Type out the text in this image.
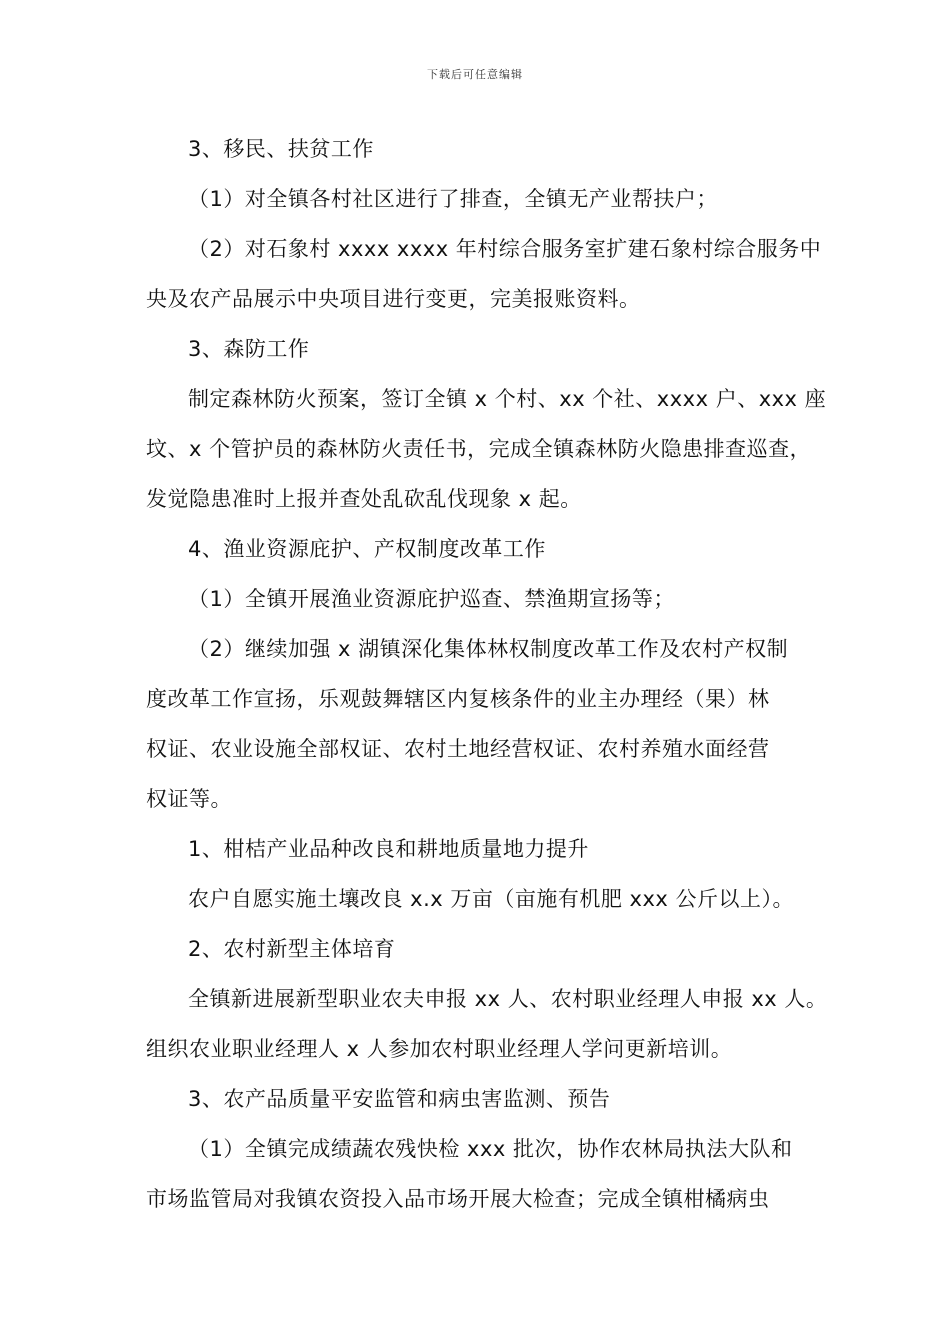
下载后可任意编辑
3、移民、扶贫工作
（1）对全镇各村社区进行了排查，全镇无产业帮扶户；
（2）对石象村 xxxx xxxx 年村综合服务室扩建石象村综合服务中
央及农产品展示中央项目进行变更，完美报账资料。
3、森防工作
制定森林防火预案，签订全镇 x 个村、xx 个社、xxxx 户、xxx 座
坟、x 个管护员的森林防火责任书，完成全镇森林防火隐患排查巡查，
发觉隐患准时上报并查处乱砍乱伐现象 x 起。
4、渔业资源庇护、产权制度改革工作
（1）全镇开展渔业资源庇护巡查、禁渔期宣扬等；
（2）继续加强 x 湖镇深化集体林权制度改革工作及农村产权制
度改革工作宣扬，乐观鼓舞辖区内复核条件的业主办理经（果）林
权证、农业设施全部权证、农村土地经营权证、农村养殖水面经营
权证等。
1、柑桔产业品种改良和耕地质量地力提升
农户自愿实施土壤改良 x.x 万亩（亩施有机肥 xxx 公斤以上）。
2、农村新型主体培育
全镇新进展新型职业农夫申报 xx 人、农村职业经理人申报 xx 人。
组织农业职业经理人 x 人参加农村职业经理人学问更新培训。
3、农产品质量平安监管和病虫害监测、预告
（1）全镇完成绩蔬农残快检 xxx 批次，协作农林局执法大队和
市场监管局对我镇农资投入品市场开展大检查；完成全镇柑橘病虫
